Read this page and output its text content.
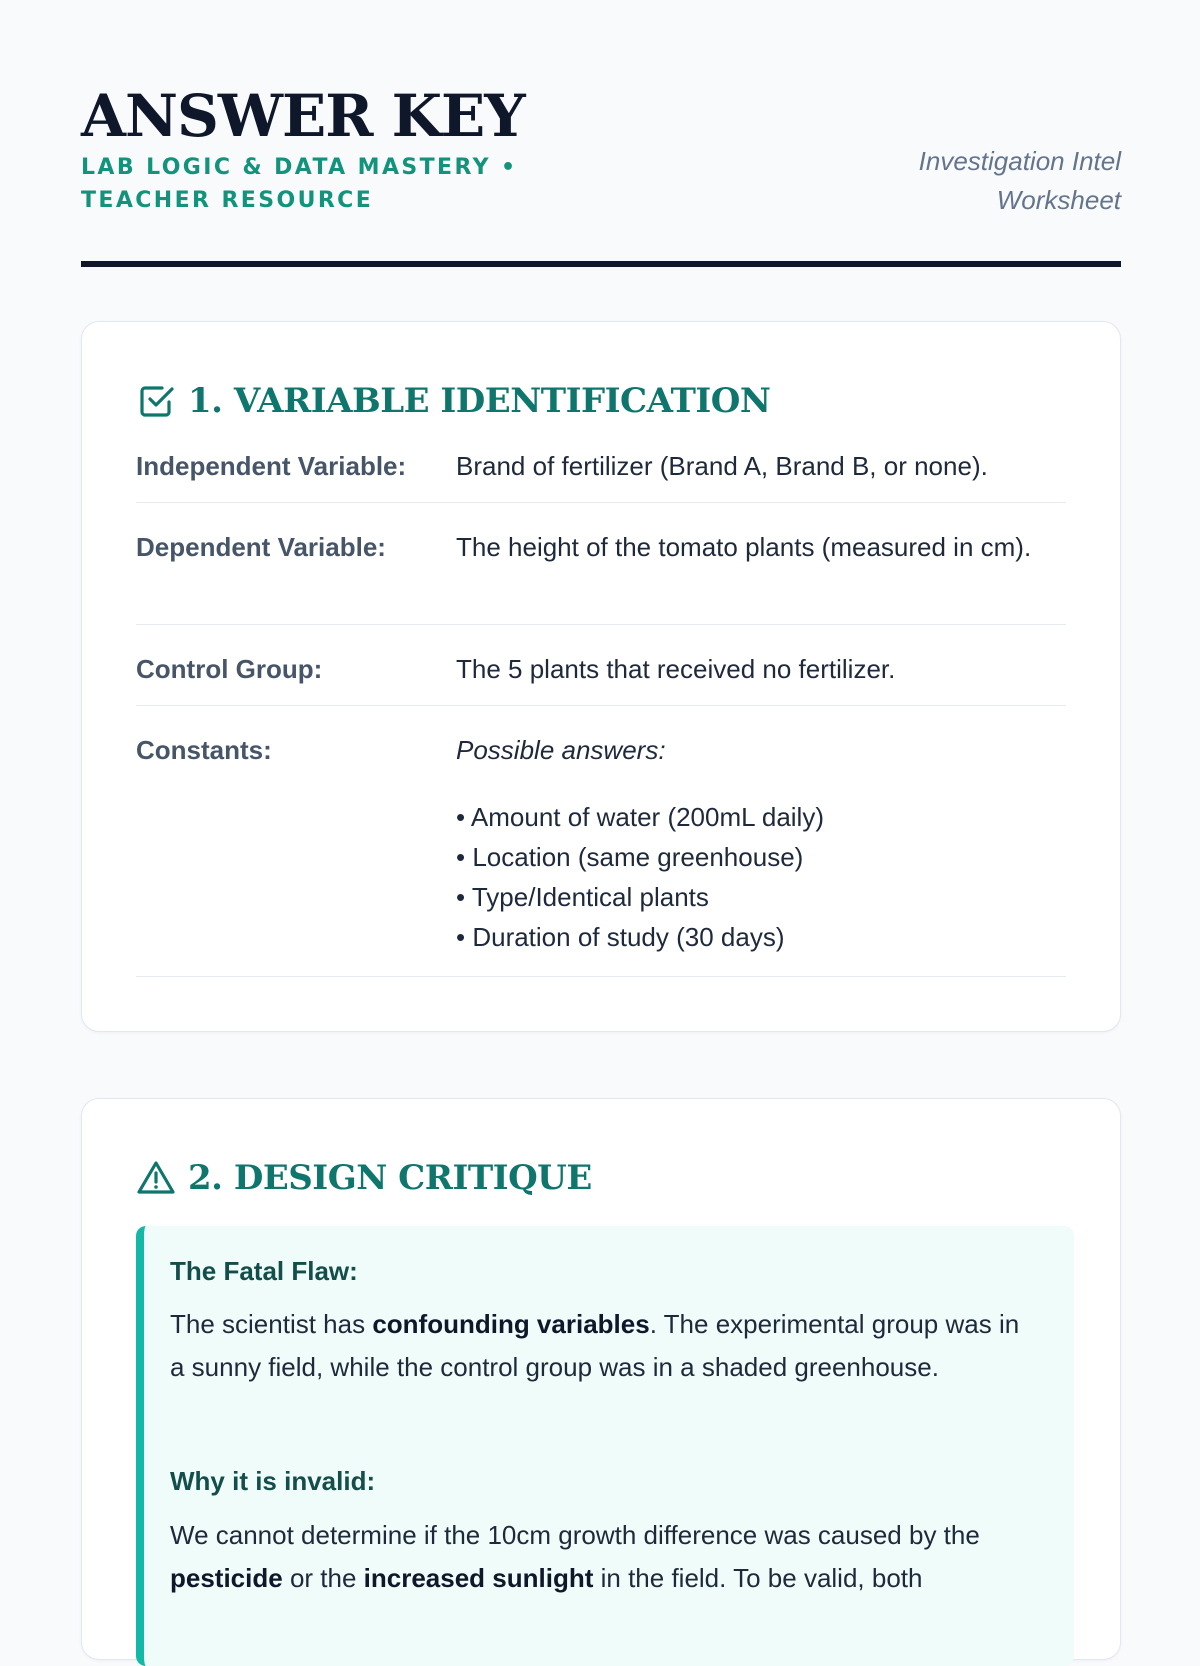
ANSWER KEY
LAB LOGIC & DATA MASTERY • TEACHER RESOURCE
Investigation Intel Worksheet
1. VARIABLE IDENTIFICATION
Independent Variable: Brand of fertilizer (Brand A, Brand B, or none).
Dependent Variable:	The height of the tomato plants (measured in cm).
Control Group:	The 5 plants that received no fertilizer.
Constants:	Possible answers:
• Amount of water (200mL daily)
• Location (same greenhouse)
• Type/Identical plants
• Duration of study (30 days)
2. DESIGN CRITIQUE
The Fatal Flaw:
The scientist has confounding variables. The experimental group was in a sunny field, while the control group was in a shaded greenhouse.
Why it is invalid:
We cannot determine if the 10cm growth difference was caused by the pesticide or the increased sunlight in the field. To be valid, both
